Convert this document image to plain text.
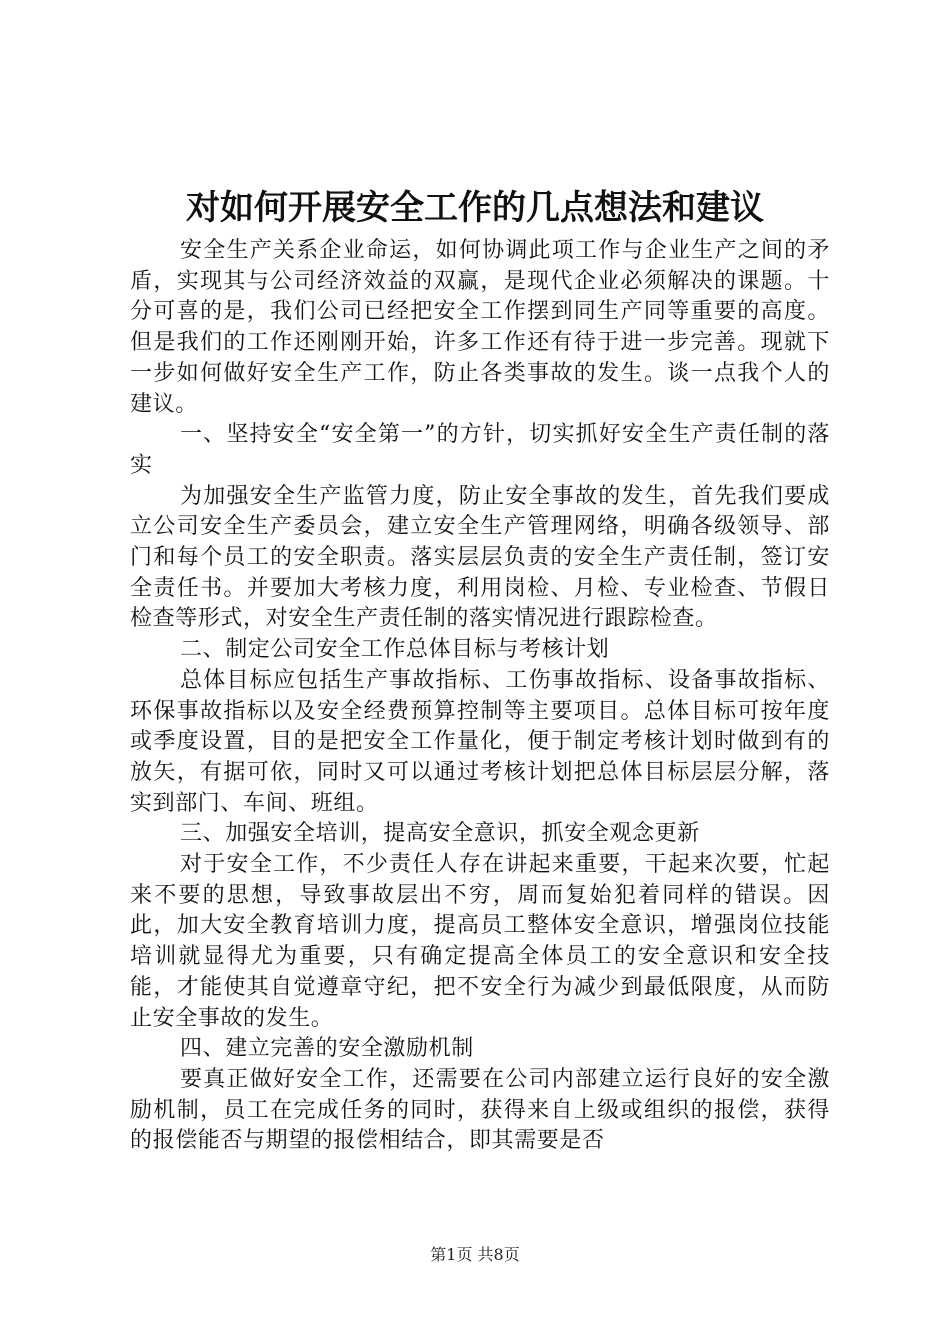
对如何开展安全工作的几点想法和建议

安全生产关系企业命运，如何协调此项工作与企业生产之间的矛盾，实现其与公司经济效益的双赢，是现代企业必须解决的课题。十分可喜的是，我们公司已经把安全工作摆到同生产同等重要的高度。但是我们的工作还刚刚开始，许多工作还有待于进一步完善。现就下一步如何做好安全生产工作，防止各类事故的发生。谈一点我个人的建议。

一、坚持安全“安全第一”的方针，切实抓好安全生产责任制的落实

为加强安全生产监管力度，防止安全事故的发生，首先我们要成立公司安全生产委员会，建立安全生产管理网络，明确各级领导、部门和每个员工的安全职责。落实层层负责的安全生产责任制，签订安全责任书。并要加大考核力度，利用岗检、月检、专业检查、节假日检查等形式，对安全生产责任制的落实情况进行跟踪检查。

二、制定公司安全工作总体目标与考核计划

总体目标应包括生产事故指标、工伤事故指标、设备事故指标、环保事故指标以及安全经费预算控制等主要项目。总体目标可按年度或季度设置，目的是把安全工作量化，便于制定考核计划时做到有的放矢，有据可依，同时又可以通过考核计划把总体目标层层分解，落实到部门、车间、班组。

三、加强安全培训，提高安全意识，抓安全观念更新

对于安全工作，不少责任人存在讲起来重要，干起来次要，忙起来不要的思想，导致事故层出不穷，周而复始犯着同样的错误。因此，加大安全教育培训力度，提高员工整体安全意识，增强岗位技能培训就显得尤为重要，只有确定提高全体员工的安全意识和安全技能，才能使其自觉遵章守纪，把不安全行为减少到最低限度，从而防止安全事故的发生。

四、建立完善的安全激励机制

要真正做好安全工作，还需要在公司内部建立运行良好的安全激励机制，员工在完成任务的同时，获得来自上级或组织的报偿，获得的报偿能否与期望的报偿相结合，即其需要是否

第1页 共8页
